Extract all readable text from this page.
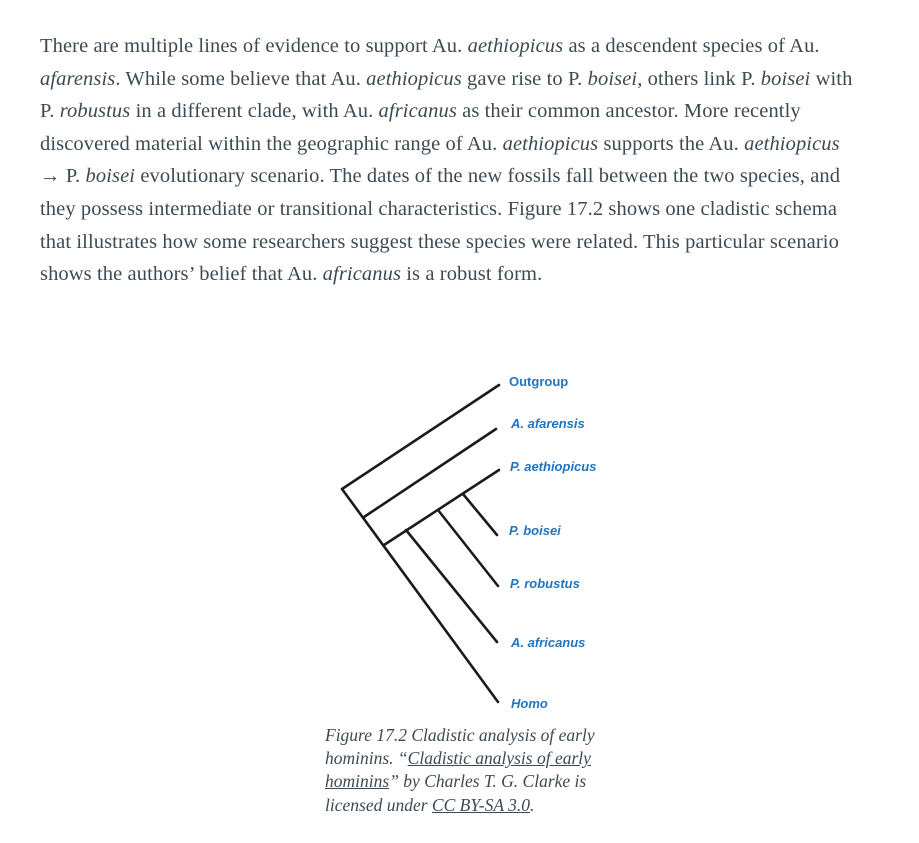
There are multiple lines of evidence to support Au. aethiopicus as a descendent species of Au. afarensis. While some believe that Au. aethiopicus gave rise to P. boisei, others link P. boisei with P. robustus in a different clade, with Au. africanus as their common ancestor. More recently discovered material within the geographic range of Au. aethiopicus supports the Au. aethiopicus → P. boisei evolutionary scenario. The dates of the new fossils fall between the two species, and they possess intermediate or transitional characteristics. Figure 17.2 shows one cladistic schema that illustrates how some researchers suggest these species were related. This particular scenario shows the authors’ belief that Au. africanus is a robust form.
Outgroup
A. afarensis
P. aethiopicus
P. boisei
P. robustus
A. africanus
Homo
Figure 17.2 Cladistic analysis of early hominins. “Cladistic analysis of early hominins” by Charles T. G. Clarke is licensed under CC BY-SA 3.0.
